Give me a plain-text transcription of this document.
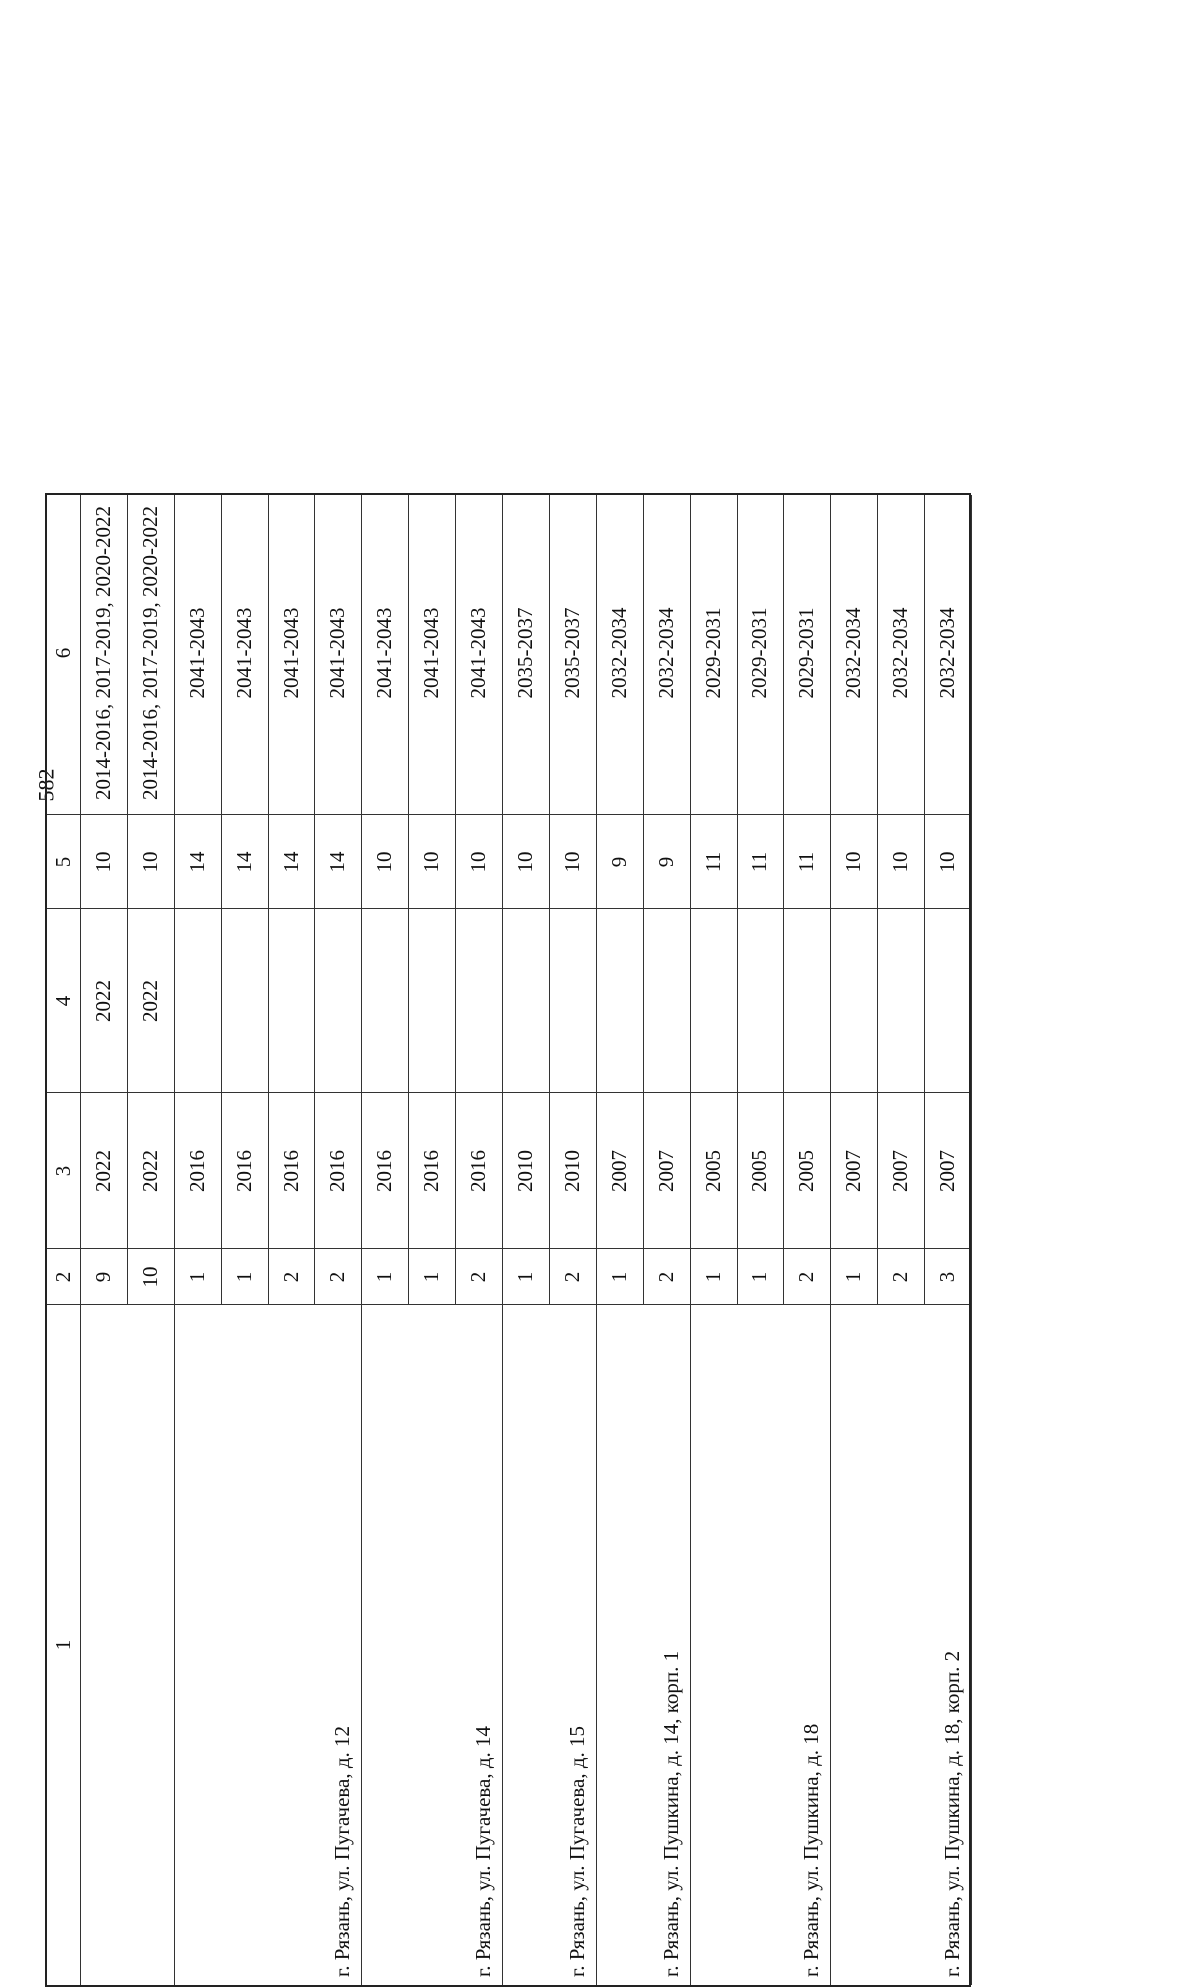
582
1
2
3
4
5
6
9
2022
2022
10
2014-2016, 2017-2019, 2020-2022
10
2022
2022
10
2014-2016, 2017-2019, 2020-2022
г. Рязань, ул. Пугачева, д. 12
1
2016
14
2041-2043
1
2016
14
2041-2043
2
2016
14
2041-2043
2
2016
14
2041-2043
г. Рязань, ул. Пугачева, д. 14
1
2016
10
2041-2043
1
2016
10
2041-2043
2
2016
10
2041-2043
г. Рязань, ул. Пугачева, д. 15
1
2010
10
2035-2037
2
2010
10
2035-2037
г. Рязань, ул. Пушкина, д. 14, корп. 1
1
2007
9
2032-2034
2
2007
9
2032-2034
г. Рязань, ул. Пушкина, д. 18
1
2005
11
2029-2031
1
2005
11
2029-2031
2
2005
11
2029-2031
г. Рязань, ул. Пушкина, д. 18, корп. 2
1
2007
10
2032-2034
2
2007
10
2032-2034
3
2007
10
2032-2034
